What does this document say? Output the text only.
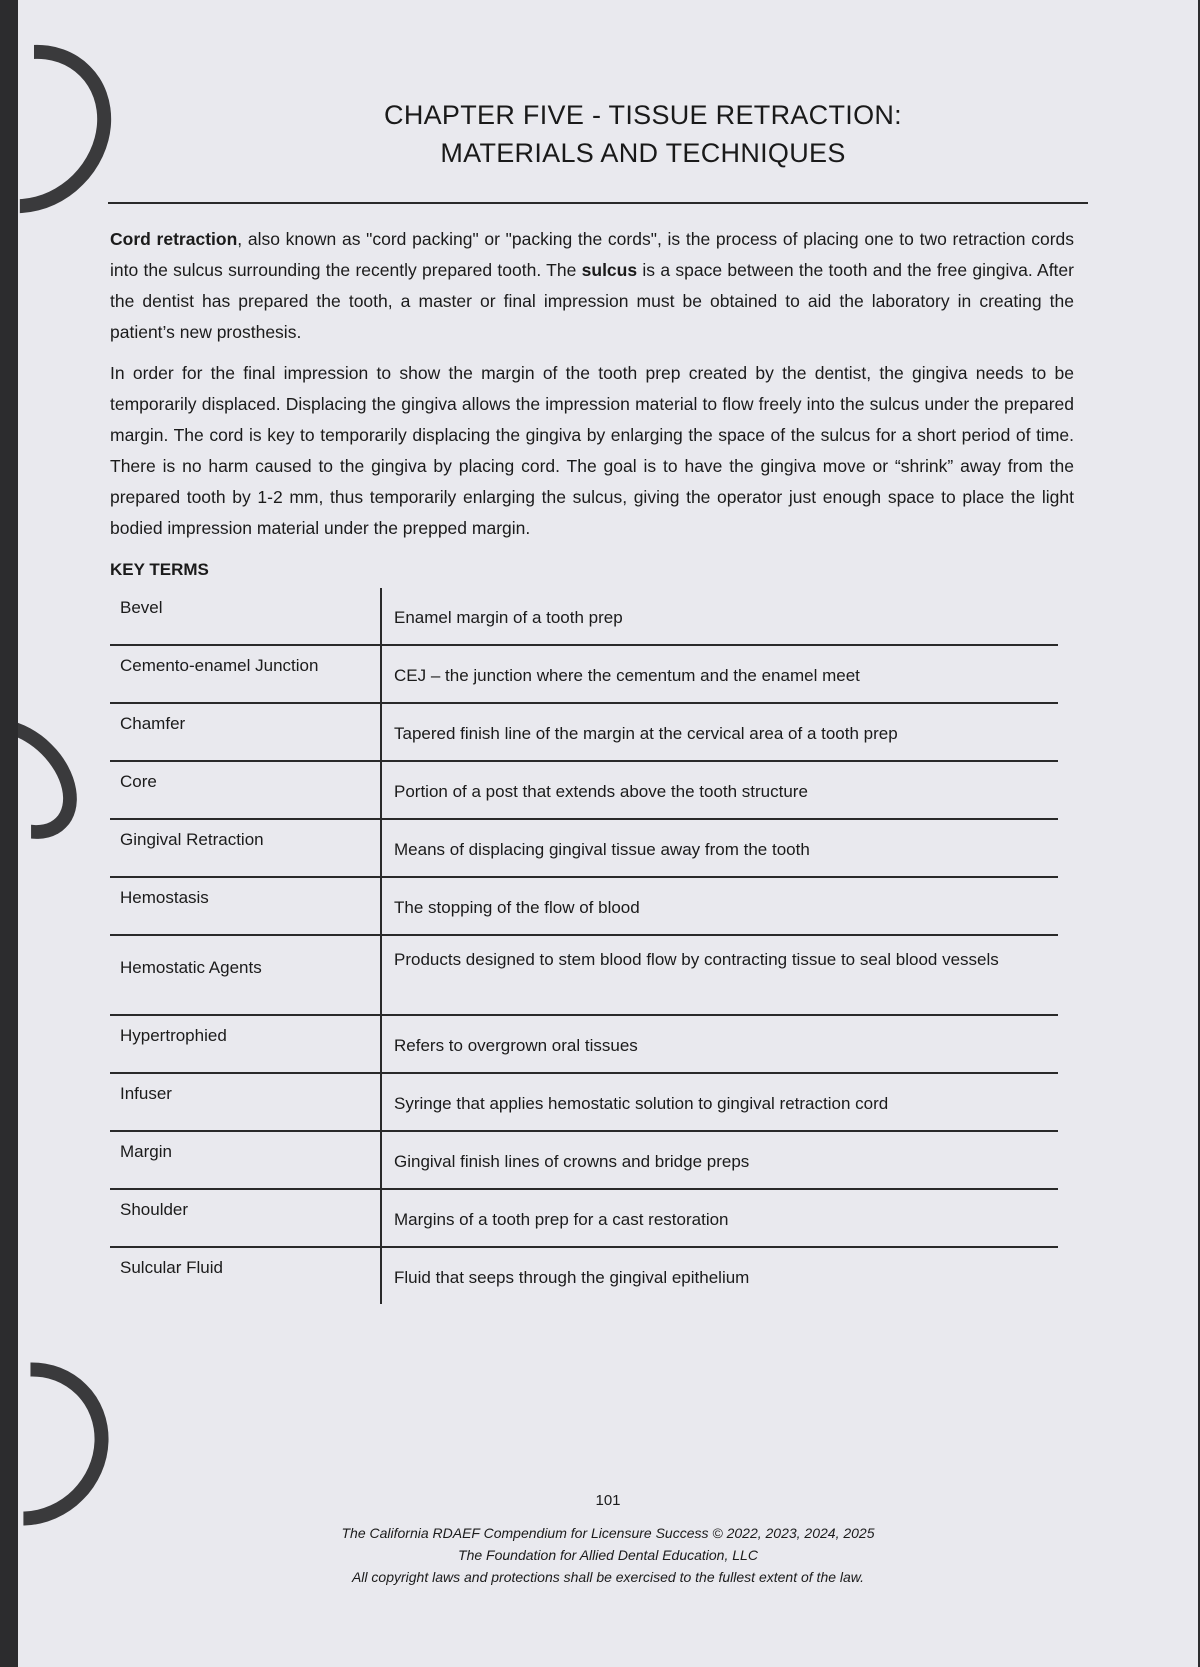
CHAPTER FIVE - TISSUE RETRACTION:
MATERIALS AND TECHNIQUES

Cord retraction, also known as "cord packing" or "packing the cords", is the process of placing one to two retraction cords into the sulcus surrounding the recently prepared tooth. The sulcus is a space between the tooth and the free gingiva. After the dentist has prepared the tooth, a master or final impression must be obtained to aid the laboratory in creating the patient’s new prosthesis.

In order for the final impression to show the margin of the tooth prep created by the dentist, the gingiva needs to be temporarily displaced. Displacing the gingiva allows the impression material to flow freely into the sulcus under the prepared margin. The cord is key to temporarily displacing the gingiva by enlarging the space of the sulcus for a short period of time. There is no harm caused to the gingiva by placing cord. The goal is to have the gingiva move or “shrink” away from the prepared tooth by 1-2 mm, thus temporarily enlarging the sulcus, giving the operator just enough space to place the light bodied impression material under the prepped margin.

KEY TERMS
Bevel
Enamel margin of a tooth prep
Cemento-enamel Junction
CEJ – the junction where the cementum and the enamel meet
Chamfer
Tapered finish line of the margin at the cervical area of a tooth prep
Core
Portion of a post that extends above the tooth structure
Gingival Retraction
Means of displacing gingival tissue away from the tooth
Hemostasis
The stopping of the flow of blood
Hemostatic Agents	Products designed to stem blood flow by contracting tissue to seal blood vessels
Hypertrophied
Refers to overgrown oral tissues
Infuser
Syringe that applies hemostatic solution to gingival retraction cord
Margin
Gingival finish lines of crowns and bridge preps
Shoulder
Margins of a tooth prep for a cast restoration
Sulcular Fluid
Fluid that seeps through the gingival epithelium
101
The California RDAEF Compendium for Licensure Success © 2022, 2023, 2024, 2025
The Foundation for Allied Dental Education, LLC
All copyright laws and protections shall be exercised to the fullest extent of the law.
